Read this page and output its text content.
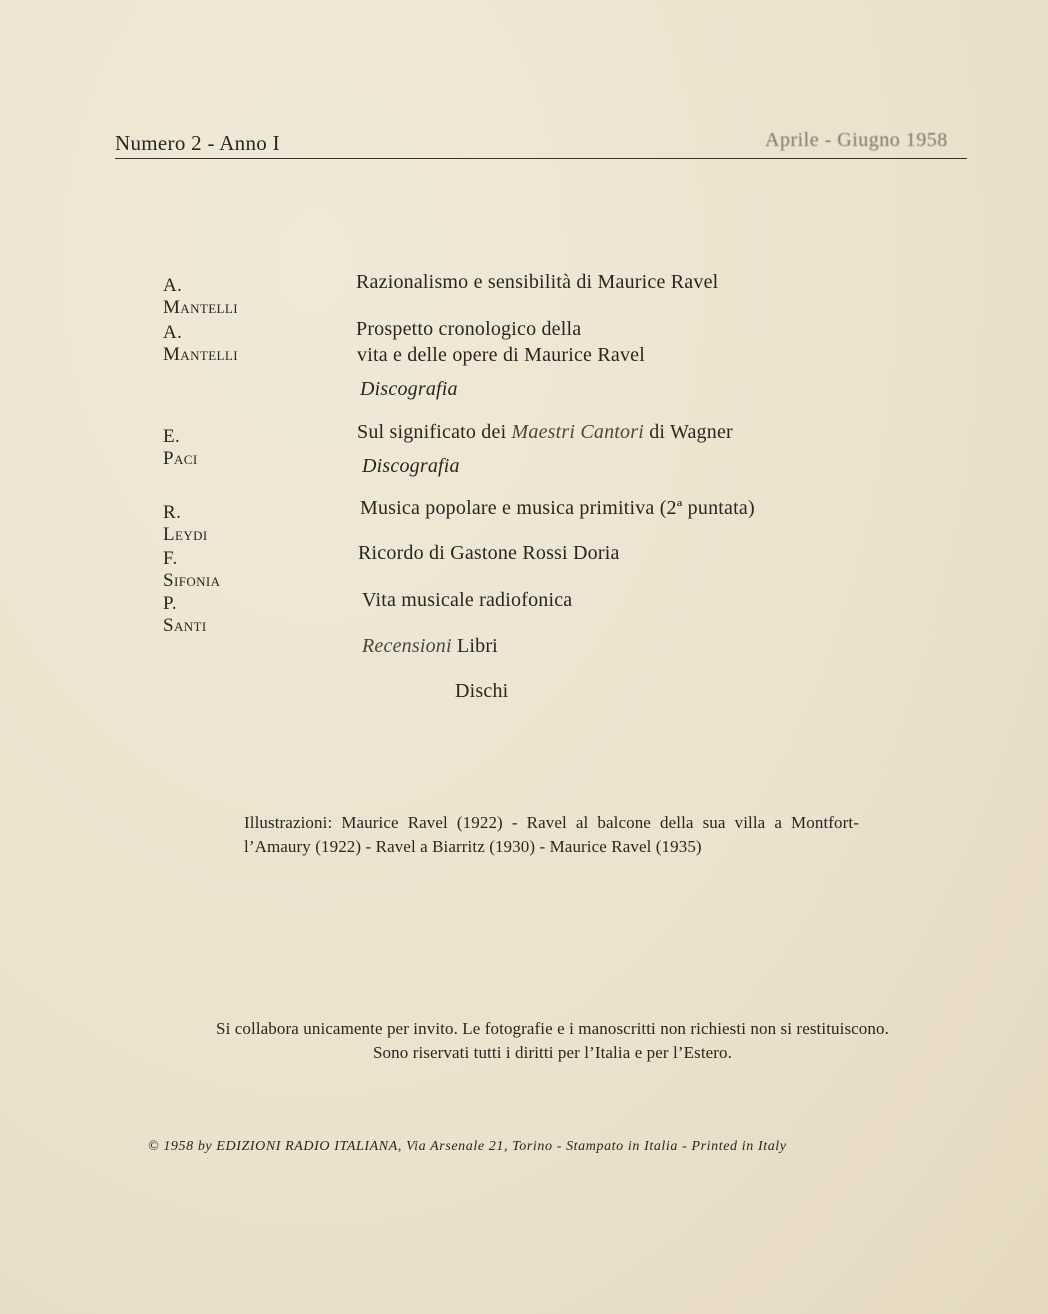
Numero 2 - Anno I	Aprile - Giugno 1958
A. Mantelli
Razionalismo e sensibilità di Maurice Ravel
A. Mantelli
Prospetto cronologico della
vita e delle opere di Maurice Ravel
Discografia
E. Paci
Sul significato dei Maestri Cantori di Wagner
Discografia
R. Leydi
Musica popolare e musica primitiva (2ª puntata)
F. Sifonia
Ricordo di Gastone Rossi Doria
P. Santi
Vita musicale radiofonica
Recensioni Libri
Dischi
Illustrazioni: Maurice Ravel (1922) - Ravel al balcone della sua villa a Montfort-l’Amaury (1922) - Ravel a Biarritz (1930) - Maurice Ravel (1935)
Si collabora unicamente per invito. Le fotografie e i manoscritti non richiesti non si restituiscono.
Sono riservati tutti i diritti per l’Italia e per l’Estero.
© 1958 by EDIZIONI RADIO ITALIANA, Via Arsenale 21, Torino - Stampato in Italia - Printed in Italy
